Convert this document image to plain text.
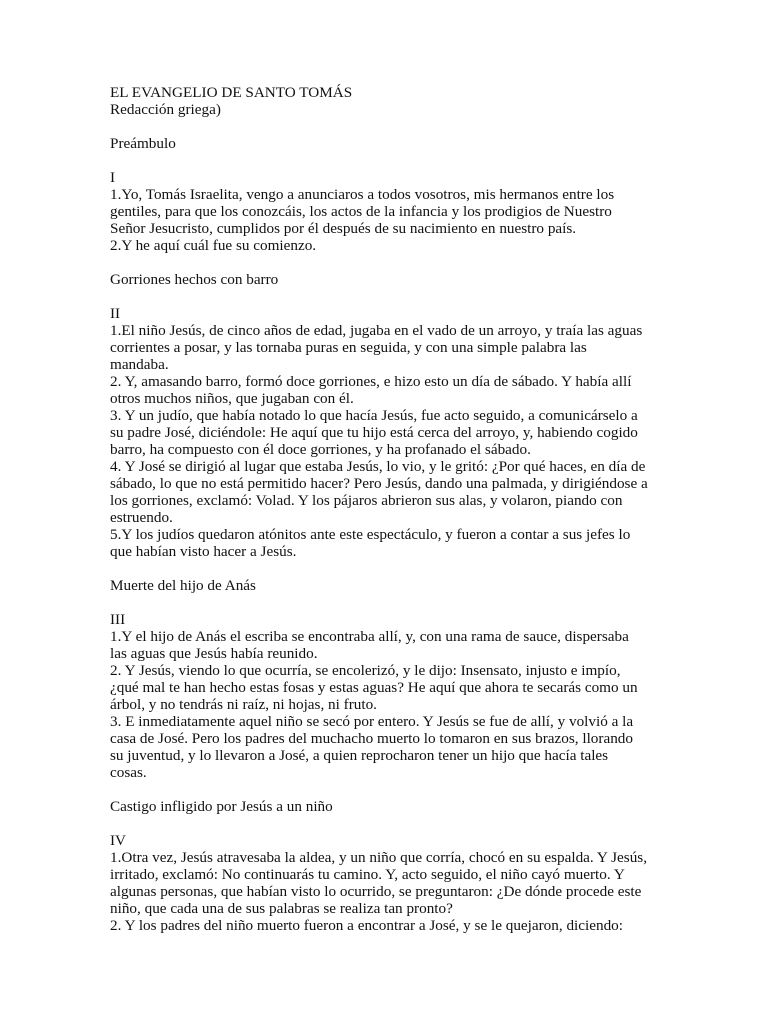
EL EVANGELIO DE SANTO TOMÁS
Redacción griega)
Preámbulo
I
1.Yo, Tomás Israelita, vengo a anunciaros a todos vosotros, mis hermanos entre los
gentiles, para que los conozcáis, los actos de la infancia y los prodigios de Nuestro
Señor Jesucristo, cumplidos por él después de su nacimiento en nuestro país.
2.Y he aquí cuál fue su comienzo.
Gorriones hechos con barro
II
1.El niño Jesús, de cinco años de edad, jugaba en el vado de un arroyo, y traía las aguas
corrientes a posar, y las tornaba puras en seguida, y con una simple palabra las
mandaba.
2. Y, amasando barro, formó doce gorriones, e hizo esto un día de sábado. Y había allí
otros muchos niños, que jugaban con él.
3. Y un judío, que había notado lo que hacía Jesús, fue acto seguido, a comunicárselo a
su padre José, diciéndole: He aquí que tu hijo está cerca del arroyo, y, habiendo cogido
barro, ha compuesto con él doce gorriones, y ha profanado el sábado.
4. Y José se dirigió al lugar que estaba Jesús, lo vio, y le gritó: ¿Por qué haces, en día de
sábado, lo que no está permitido hacer? Pero Jesús, dando una palmada, y dirigiéndose a
los gorriones, exclamó: Volad. Y los pájaros abrieron sus alas, y volaron, piando con
estruendo.
5.Y los judíos quedaron atónitos ante este espectáculo, y fueron a contar a sus jefes lo
que habían visto hacer a Jesús.
Muerte del hijo de Anás
III
1.Y el hijo de Anás el escriba se encontraba allí, y, con una rama de sauce, dispersaba
las aguas que Jesús había reunido.
2. Y Jesús, viendo lo que ocurría, se encolerizó, y le dijo: Insensato, injusto e impío,
¿qué mal te han hecho estas fosas y estas aguas? He aquí que ahora te secarás como un
árbol, y no tendrás ni raíz, ni hojas, ni fruto.
3. E inmediatamente aquel niño se secó por entero. Y Jesús se fue de allí, y volvió a la
casa de José. Pero los padres del muchacho muerto lo tomaron en sus brazos, llorando
su juventud, y lo llevaron a José, a quien reprocharon tener un hijo que hacía tales
cosas.
Castigo infligido por Jesús a un niño
IV
1.Otra vez, Jesús atravesaba la aldea, y un niño que corría, chocó en su espalda. Y Jesús,
irritado, exclamó: No continuarás tu camino. Y, acto seguido, el niño cayó muerto. Y
algunas personas, que habían visto lo ocurrido, se preguntaron: ¿De dónde procede este
niño, que cada una de sus palabras se realiza tan pronto?
2. Y los padres del niño muerto fueron a encontrar a José, y se le quejaron, diciendo:
